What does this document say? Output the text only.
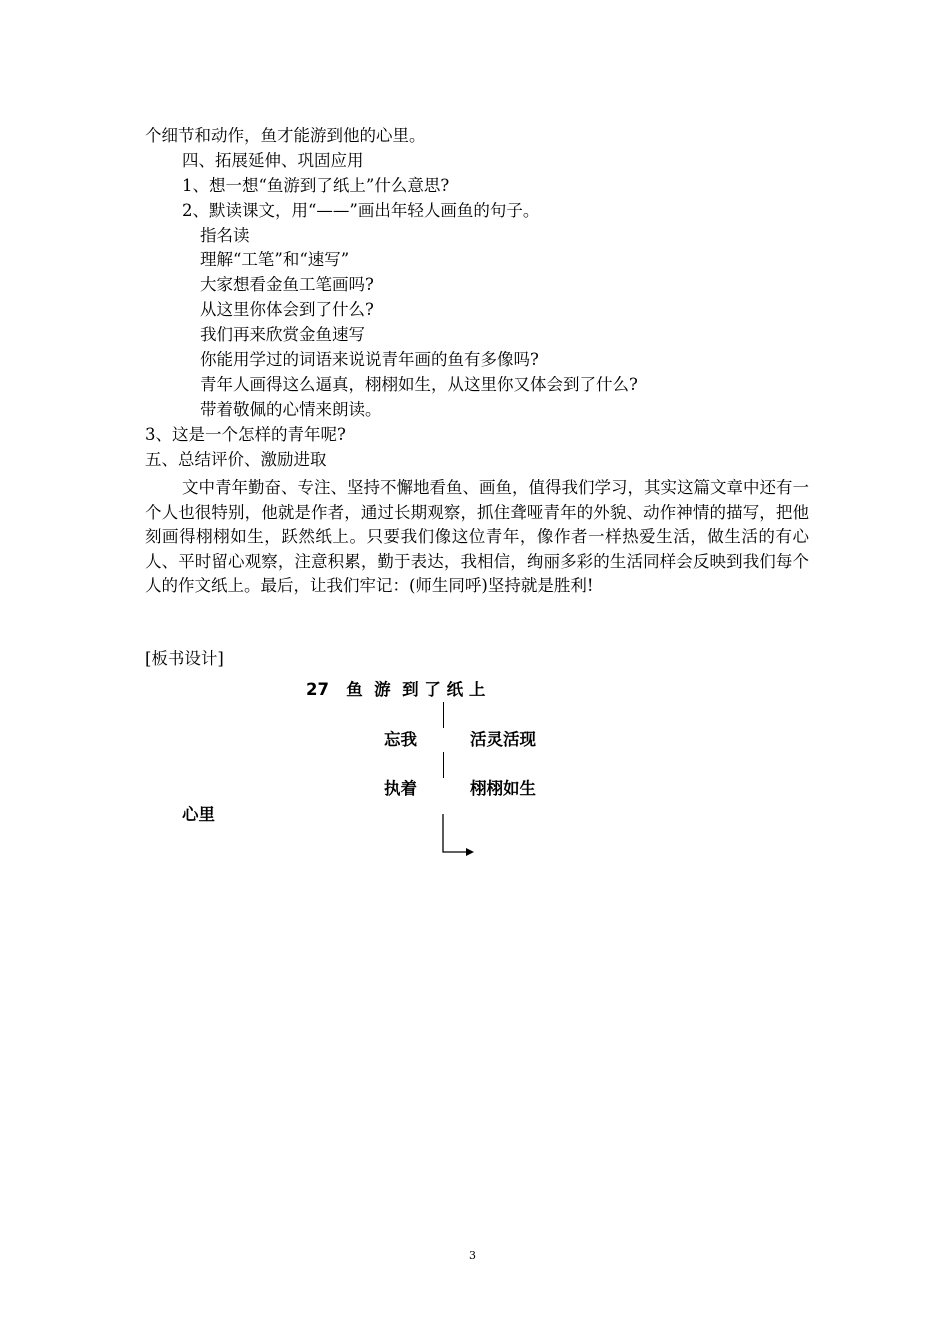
个细节和动作，鱼才能游到他的心里。
四、拓展延伸、巩固应用
1、想一想“鱼游到了纸上”什么意思?
2、默读课文，用“——”画出年轻人画鱼的句子。
指名读
理解“工笔”和“速写”
大家想看金鱼工笔画吗?
从这里你体会到了什么?
我们再来欣赏金鱼速写
你能用学过的词语来说说青年画的鱼有多像吗?
青年人画得这么逼真，栩栩如生，从这里你又体会到了什么?
带着敬佩的心情来朗读。
3、这是一个怎样的青年呢?
五、总结评价、激励进取
文中青年勤奋、专注、坚持不懈地看鱼、画鱼，值得我们学习，其实这篇文章中还有一个人也很特别，他就是作者，通过长期观察，抓住聋哑青年的外貌、动作神情的描写，把他刻画得栩栩如生，跃然纸上。只要我们像这位青年，像作者一样热爱生活，做生活的有心人、平时留心观察，注意积累，勤于表达，我相信，绚丽多彩的生活同样会反映到我们每个人的作文纸上。最后，让我们牢记：(师生同呼)坚持就是胜利!
[板书设计]
27   鱼  游  到 了 纸 上
忘我	活灵活现
执着	栩栩如生
心里
3
